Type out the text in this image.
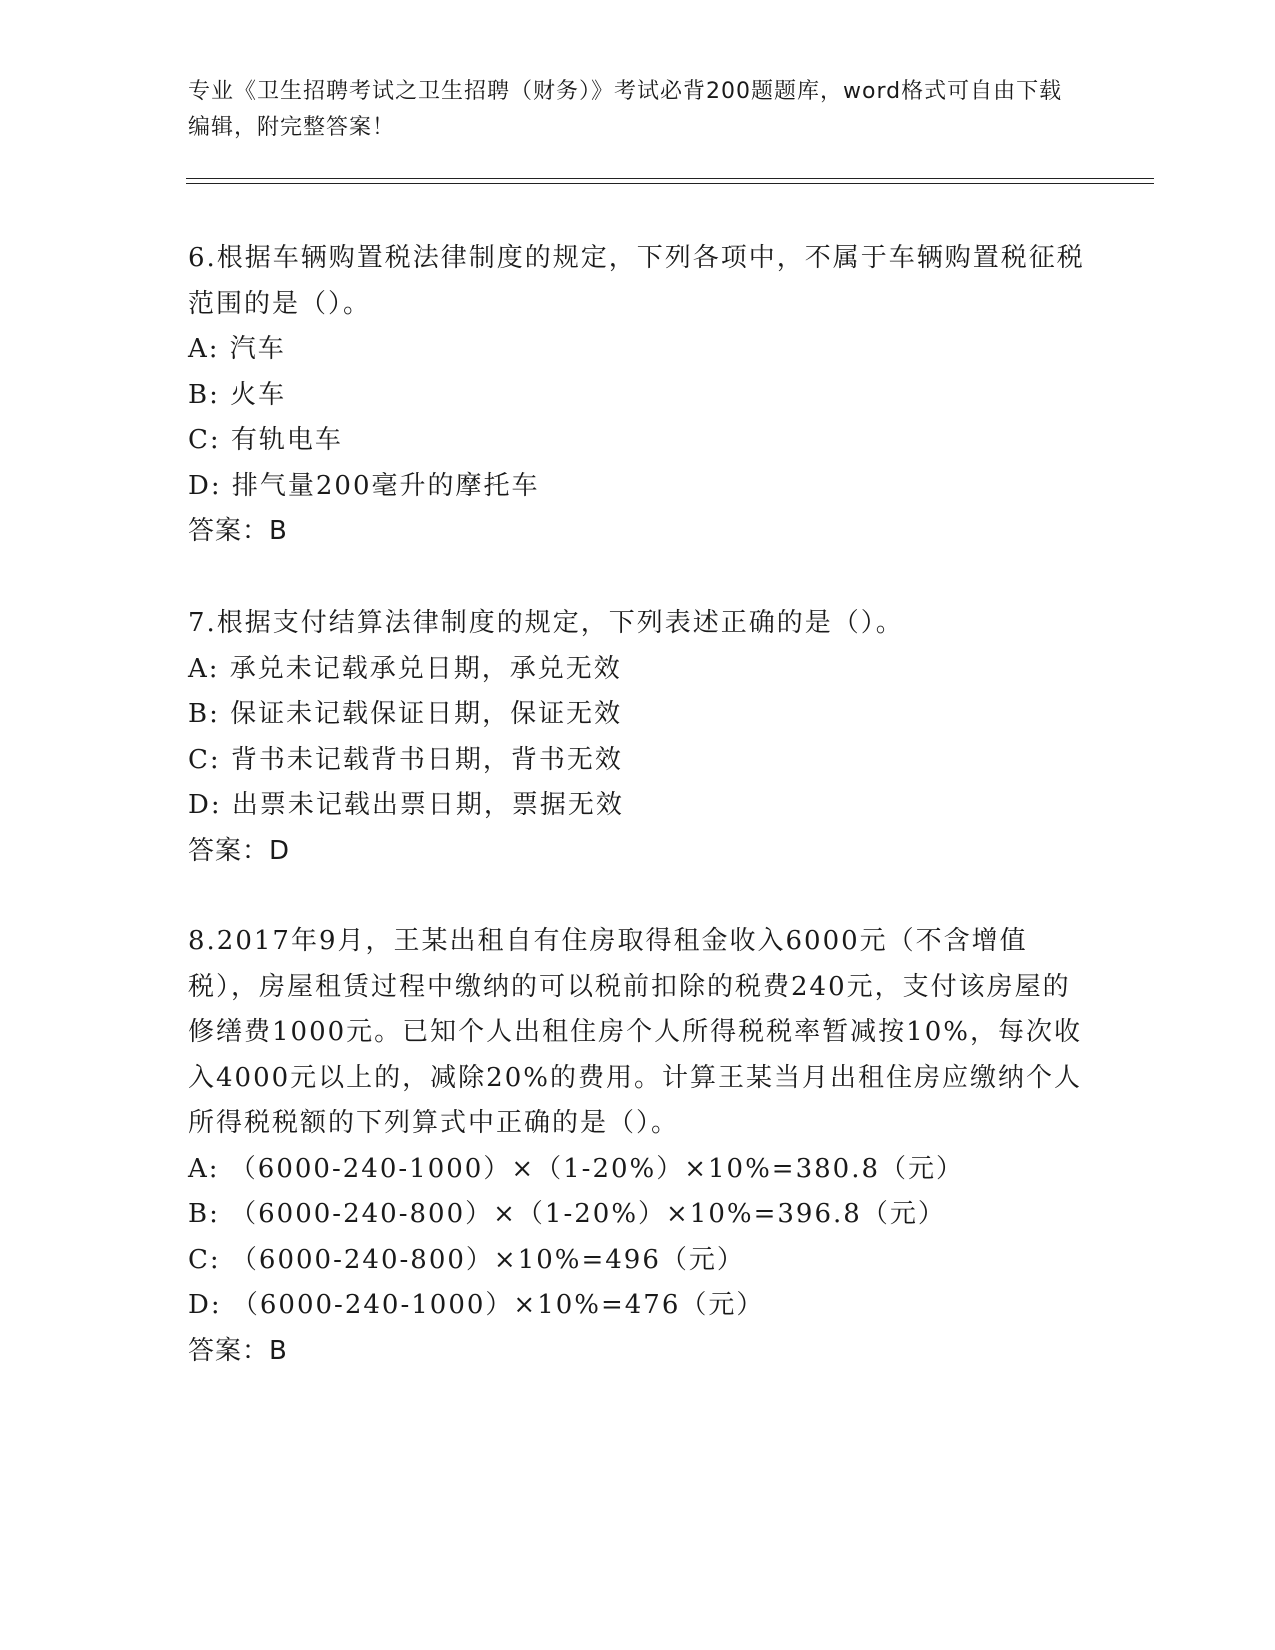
专业《卫生招聘考试之卫生招聘（财务）》考试必背200题题库，word格式可自由下载编辑，附完整答案！

6.根据车辆购置税法律制度的规定，下列各项中，不属于车辆购置税征税范围的是（）。

A: 汽车

B: 火车

C: 有轨电车

D: 排气量200毫升的摩托车

答案：B

7.根据支付结算法律制度的规定，下列表述正确的是（）。

A: 承兑未记载承兑日期，承兑无效

B: 保证未记载保证日期，保证无效

C: 背书未记载背书日期，背书无效

D: 出票未记载出票日期，票据无效

答案：D

8.2017年9月，王某出租自有住房取得租金收入6000元（不含增值税），房屋租赁过程中缴纳的可以税前扣除的税费240元，支付该房屋的修缮费1000元。已知个人出租住房个人所得税税率暂减按10%，每次收入4000元以上的，减除20%的费用。计算王某当月出租住房应缴纳个人所得税税额的下列算式中正确的是（）。

A: （6000-240-1000）×（1-20%）×10%=380.8（元）

B: （6000-240-800）×（1-20%）×10%=396.8（元）

C: （6000-240-800）×10%=496（元）

D: （6000-240-1000）×10%=476（元）

答案：B
